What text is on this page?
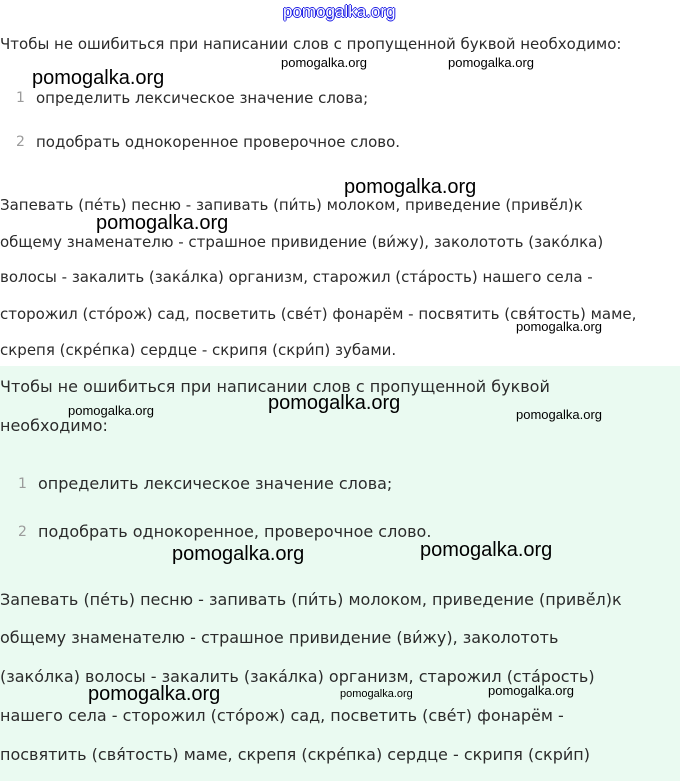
pomogalka.org
Чтобы не ошибиться при написании слов с пропущенной буквой необходимо:
1 определить лексическое значение слова;
2 подобрать однокоренное проверочное слово.
Запевать (пе́ть) песню - запивать (пи́ть) молоком, приведение (привё́л)к
общему знаменателю - страшное привидение (ви́жу), заколототь (зако́лка)
волосы - закалить (зака́лка) организм, старожил (ста́рость) нашего села -
сторожил (сто́рож) сад, посветить (све́т) фонарём - посвятить (свя́тость) маме,
скрепя (скре́пка) сердце - скрипя (скри́п) зубами.
Чтобы не ошибиться при написании слов с пропущенной буквой
необходимо:
1 определить лексическое значение слова;
2 подобрать однокоренное, проверочное слово.
Запевать (пе́ть) песню - запивать (пи́ть) молоком, приведение (привё́л)к
общему знаменателю - страшное привидение (ви́жу), заколототь
(зако́лка) волосы - закалить (зака́лка) организм, старожил (ста́рость)
нашего села - сторожил (сто́рож) сад, посветить (све́т) фонарём -
посвятить (свя́тость) маме, скрепя (скре́пка) сердце - скрипя (скри́п)
pomogalka.org
pomogalka.org	pomogalka.org
pomogalka.org
pomogalka.org
pomogalka.org
pomogalka.org	pomogalka.org
pomogalka.org
pomogalka.org	pomogalka.org
pomogalka.org	pomogalka.org	pomogalka.org
